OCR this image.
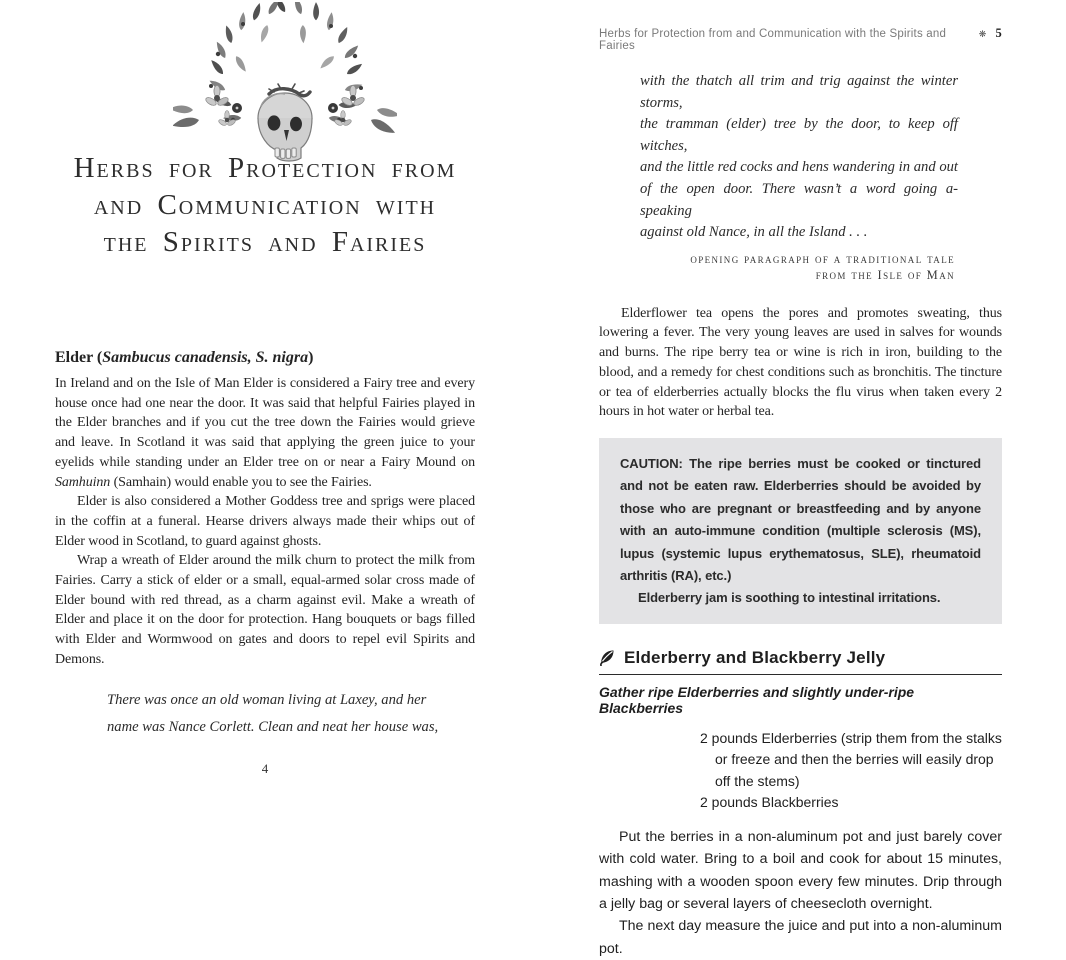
Herbs for Protection from
and Communication with
the Spirits and Fairies
Elder (Sambucus canadensis, S. nigra)

In Ireland and on the Isle of Man Elder is considered a Fairy tree and every house once had one near the door. It was said that helpful Fairies played in the Elder branches and if you cut the tree down the Fairies would grieve and leave. In Scotland it was said that applying the green juice to your eyelids while standing under an Elder tree on or near a Fairy Mound on Samhuinn (Samhain) would enable you to see the Fairies.

Elder is also considered a Mother Goddess tree and sprigs were placed in the coffin at a funeral. Hearse drivers always made their whips out of Elder wood in Scotland, to guard against ghosts.

Wrap a wreath of Elder around the milk churn to protect the milk from Fairies. Carry a stick of elder or a small, equal-armed solar cross made of Elder bound with red thread, as a charm against evil. Make a wreath of Elder and place it on the door for protection. Hang bouquets or bags filled with Elder and Wormwood on gates and doors to repel evil Spirits and Demons.

There was once an old woman living at Laxey, and her
name was Nance Corlett. Clean and neat her house was,
4
Herbs for Protection from and Communication with the Spirits and Fairies
❋ 5
with the thatch all trim and trig against the winter storms,
the tramman (elder) tree by the door, to keep off witches,
and the little red cocks and hens wandering in and out
of the open door. There wasn’t a word going a-speaking
against old Nance, in all the Island . . .
opening paragraph of a traditional tale
from the Isle of Man

Elderflower tea opens the pores and promotes sweating, thus lowering a fever. The very young leaves are used in salves for wounds and burns. The ripe berry tea or wine is rich in iron, building to the blood, and a remedy for chest conditions such as bronchitis. The tincture or tea of elderberries actually blocks the flu virus when taken every 2 hours in hot water or herbal tea.

CAUTION: The ripe berries must be cooked or tinctured and not be eaten raw. Elderberries should be avoided by those who are pregnant or breastfeeding and by anyone with an auto-immune condition (multiple sclerosis (MS), lupus (systemic lupus erythematosus, SLE), rheumatoid arthritis (RA), etc.)

Elderberry jam is soothing to intestinal irritations.

Elderberry and Blackberry Jelly
Gather ripe Elderberries and slightly under-ripe Blackberries
2 pounds Elderberries (strip them from the stalks or freeze and then the berries will easily drop off the stems)
2 pounds Blackberries

Put the berries in a non-aluminum pot and just barely cover with cold water. Bring to a boil and cook for about 15 minutes, mashing with a wooden spoon every few minutes. Drip through a jelly bag or several layers of cheesecloth overnight.

The next day measure the juice and put into a non-aluminum pot.
